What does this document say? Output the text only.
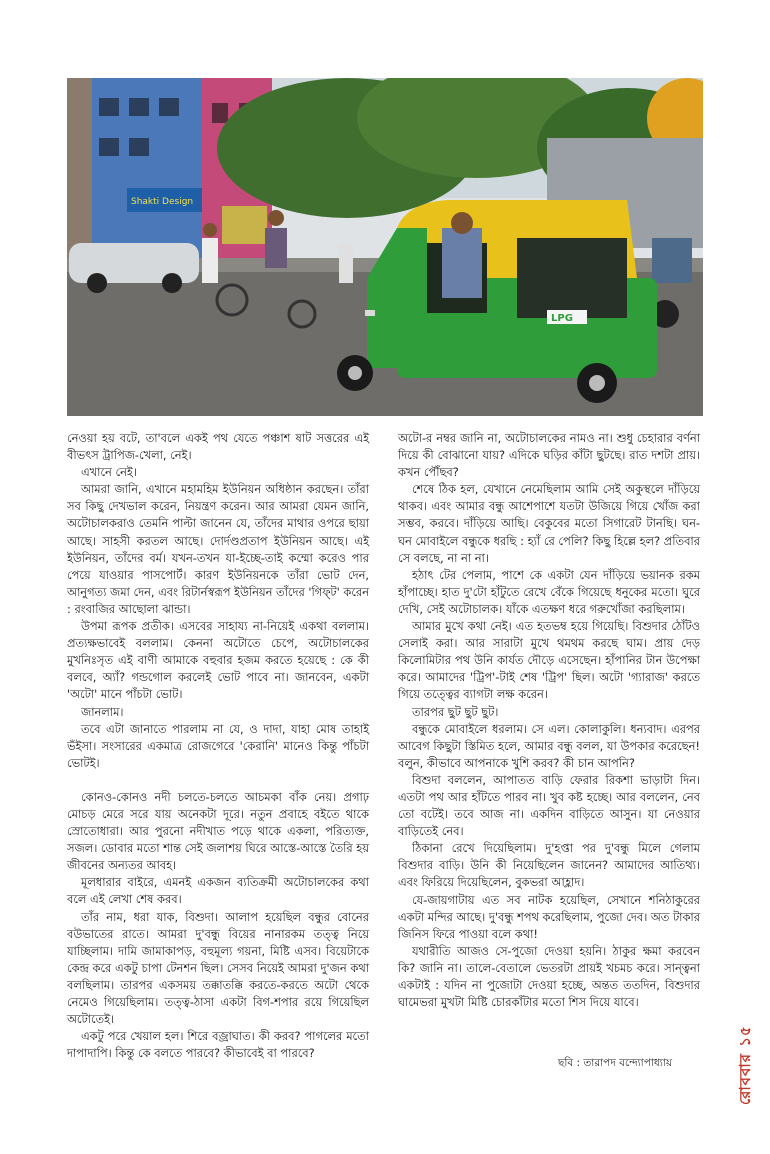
Shakti Design
LPG

নেওয়া হয় বটে, তা'বলে একই পথ যেতে পঞ্চাশ ষাট সত্তরের এই বীভৎস ট্রাপিজ-খেলা, নেই।

এখানে নেই।

আমরা জানি, এখানে মহামহিম ইউনিয়ন অধিষ্ঠান করছেন। তাঁরা সব কিছু দেখভাল করেন, নিয়ন্ত্রণ করেন। আর আমরা যেমন জানি, অটোচালকরাও তেমনি পাল্টা জানেন যে, তাঁদের মাথার ওপরে ছায়া আছে। সাহসী করতল আছে। দোর্দণ্ডপ্রতাপ ইউনিয়ন আছে। এই ইউনিয়ন, তাঁদের বর্ম। যখন-তখন যা-ইচ্ছে-তাই কম্মো করেও পার পেয়ে যাওয়ার পাসপোর্ট। কারণ ইউনিয়নকে তাঁরা ভোট দেন, আনুগত্য জমা দেন, এবং রিটার্নস্বরূপ ইউনিয়ন তাঁদের 'গিফ্‌ট' করেন : রংবাজির আছোলা ঝান্ডা।

উপমা রূপক প্রতীক। এসবের সাহায্য না-নিয়েই একথা বললাম। প্রত্যক্ষভাবেই বললাম। কেননা অটোতে চেপে, অটোচালকের মুখনিঃসৃত এই বাণী আমাকে বহুবার হজম করতে হয়েছে : কে কী বলবে, অ্যাঁ? গন্ডগোল করলেই ভোট পাবে না। জানবেন, একটা 'অটো' মানে পাঁচটা ভোট।

জানলাম।

তবে এটা জানাতে পারলাম না যে, ও দাদা, যাহা মোষ তাহাই ভঁইসা। সংসারের একমাত্র রোজগেরে 'কেরানি' মানেও কিন্তু পাঁচটা ভোটই।

কোনও-কোনও নদী চলতে-চলতে আচমকা বাঁক নেয়। প্রগাঢ় মোচড় মেরে সরে যায় অনেকটা দূরে। নতুন প্রবাহে বইতে থাকে স্রোতোধারা। আর পুরনো নদীখাত পড়ে থাকে একলা, পরিত্যক্ত, সজল। ডোবার মতো শান্ত সেই জলাশয় ঘিরে আস্তে-আস্তে তৈরি হয় জীবনের অন্যতর আবহ।

মূলধারার বাইরে, এমনই একজন ব্যতিক্রমী অটোচালকের কথা বলে এই লেখা শেষ করব।

তাঁর নাম, ধরা যাক, বিশুদা। আলাপ হয়েছিল বন্ধুর বোনের বউভাতের রাতে। আমরা দু'বন্ধু বিয়ের নানারকম তত্ত্ব নিয়ে যাচ্ছিলাম। দামি জামাকাপড়, বহুমূল্য গয়না, মিষ্টি এসব। বিয়েটাকে কেন্দ্র করে একটু চাপা টেনশন ছিল। সেসব নিয়েই আমরা দু'জন কথা বলছিলাম। তারপর একসময় তক্কাতক্কি করতে-করতে অটো থেকে নেমেও গিয়েছিলাম। তত্ত্ব-ঠাসা একটা বিগ-শপার রয়ে গিয়েছিল অটোতেই।

একটু পরে খেয়াল হল। শিরে বজ্রাঘাত। কী করব? পাগলের মতো দাপাদাপি। কিন্তু কে বলতে পারবে? কীভাবেই বা পারবে?

অটো-র নম্বর জানি না, অটোচালকের নামও না। শুধু চেহারার বর্ণনা দিয়ে কী বোঝানো যায়? এদিকে ঘড়ির কাঁটা ছুটছে। রাত দশটা প্রায়। কখন পৌঁছব?

শেষে ঠিক হল, যেখানে নেমেছিলাম আমি সেই অকুস্থলে দাঁড়িয়ে থাকব। এবং আমার বন্ধু আশেপাশে যতটা উজিয়ে গিয়ে খোঁজ করা সম্ভব, করবে। দাঁড়িয়ে আছি। বেকুবের মতো সিগারেট টানছি। ঘন-ঘন মোবাইলে বন্ধুকে ধরছি : হ্যাঁ রে পেলি? কিছু হিল্লে হল? প্রতিবার সে বলছে, না না না।

হঠাৎ টের পেলাম, পাশে কে একটা যেন দাঁড়িয়ে ভয়ানক রকম হাঁপাচ্ছে। হাত দু'টো হাঁটুতে রেখে বেঁকে গিয়েছে ধনুকের মতো। ঘুরে দেখি, সেই অটোচালক। যাঁকে এতক্ষণ ধরে গরুখোঁজা করছিলাম।

আমার মুখে কথা নেই। এত হতভম্ব হয়ে গিয়েছি। বিশুদার ঠোঁটও সেলাই করা। আর সারাটা মুখে থমথম করছে ঘাম। প্রায় দেড় কিলোমিটার পথ উনি কার্যত দৌড়ে এসেছেন। হাঁপানির টান উপেক্ষা করে। আমাদের 'ট্রিপ'-টাই শেষ 'ট্রিপ' ছিল। অটো 'গ্যারাজ' করতে গিয়ে তত্ত্বের ব্যাগটা লক্ষ করেন।

তারপর ছুট ছুট ছুট।

বন্ধুকে মোবাইলে ধরলাম। সে এল। কোলাকুলি। ধন্যবাদ। এরপর আবেগ কিছুটা স্তিমিত হলে, আমার বন্ধু বলল, যা উপকার করেছেন! বলুন, কীভাবে আপনাকে খুশি করব? কী চান আপনি?

বিশুদা বললেন, আপাতত বাড়ি ফেরার রিকশা ভাড়াটা দিন। এতটা পথ আর হাঁটতে পারব না। খুব কষ্ট হচ্ছে। আর বললেন, নেব তো বটেই। তবে আজ না। একদিন বাড়িতে আসুন। যা নেওয়ার বাড়িতেই নেব।

ঠিকানা রেখে দিয়েছিলাম। দু'হপ্তা পর দু'বন্ধু মিলে গেলাম বিশুদার বাড়ি। উনি কী নিয়েছিলেন জানেন? আমাদের আতিথ্য। এবং ফিরিয়ে দিয়েছিলেন, বুকভরা আহ্লাদ।

যে-জায়গাটায় এত সব নাটক হয়েছিল, সেখানে শনিঠাকুরের একটা মন্দির আছে। দু'বন্ধু শপথ করেছিলাম, পুজো দেব। অত টাকার জিনিস ফিরে পাওয়া বলে কথা!

যথারীতি আজও সে-পুজো দেওয়া হয়নি। ঠাকুর ক্ষমা করবেন কি? জানি না। তালে-বেতালে ভেতরটা প্রায়ই খচমচ করে। সান্ত্বনা একটাই : যদিন না পুজোটা দেওয়া হচ্ছে, অন্তত ততদিন, বিশুদার ঘামেভরা মুখটা মিষ্টি চোরকাঁটার মতো শিস দিয়ে যাবে।

ছবি : তারাপদ বন্দ্যোপাধ্যায়	রোববার ১৫
